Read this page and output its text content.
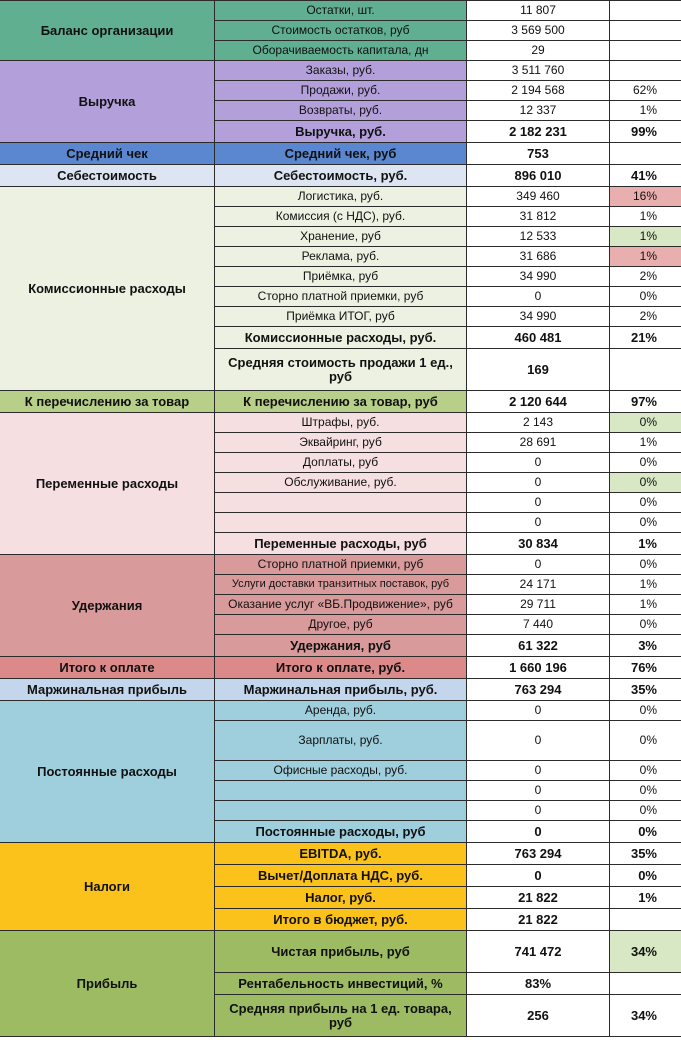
Баланс организации	Остатки, шт.	11 807	
	Стоимость остатков, руб	3 569 500	
	Оборачиваемость капитала, дн	29	
Выручка	Заказы, руб.	3 511 760	
	Продажи, руб.	2 194 568	62%
	Возвраты, руб.	12 337	1%
	Выручка, руб.	2 182 231	99%
Средний чек	Средний чек, руб	753	
Себестоимость	Себестоимость, руб.	896 010	41%
Комиссионные расходы	Логистика, руб.	349 460	16%
	Комиссия (с НДС), руб.	31 812	1%
	Хранение, руб	12 533	1%
	Реклама, руб.	31 686	1%
	Приёмка, руб	34 990	2%
	Сторно платной приемки, руб	0	0%
	Приёмка ИТОГ, руб	34 990	2%
	Комиссионные расходы, руб.	460 481	21%
	Средняя стоимость продажи 1 ед., руб	169	
К перечислению за товар	К перечислению за товар, руб	2 120 644	97%
Переменные расходы	Штрафы, руб.	2 143	0%
	Эквайринг, руб	28 691	1%
	Доплаты, руб	0	0%
	Обслуживание, руб.	0	0%
		0	0%
		0	0%
	Переменные расходы, руб	30 834	1%
Удержания	Сторно платной приемки, руб	0	0%
	Услуги доставки транзитных поставок, руб	24 171	1%
	Оказание услуг «ВБ.Продвижение», руб	29 711	1%
	Другое, руб	7 440	0%
	Удержания, руб	61 322	3%
Итого к оплате	Итого к оплате, руб.	1 660 196	76%
Маржинальная прибыль	Маржинальная прибыль, руб.	763 294	35%
Постоянные расходы	Аренда, руб.	0	0%
	Зарплаты, руб.	0	0%
	Офисные расходы, руб.	0	0%
		0	0%
		0	0%
	Постоянные расходы, руб	0	0%
Налоги	EBITDA, руб.	763 294	35%
	Вычет/Доплата НДС, руб.	0	0%
	Налог, руб.	21 822	1%
	Итого в бюджет, руб.	21 822	
Прибыль	Чистая прибыль, руб	741 472	34%
	Рентабельность инвестиций, %	83%	
	Средняя прибыль на 1 ед. товара, руб	256	34%
